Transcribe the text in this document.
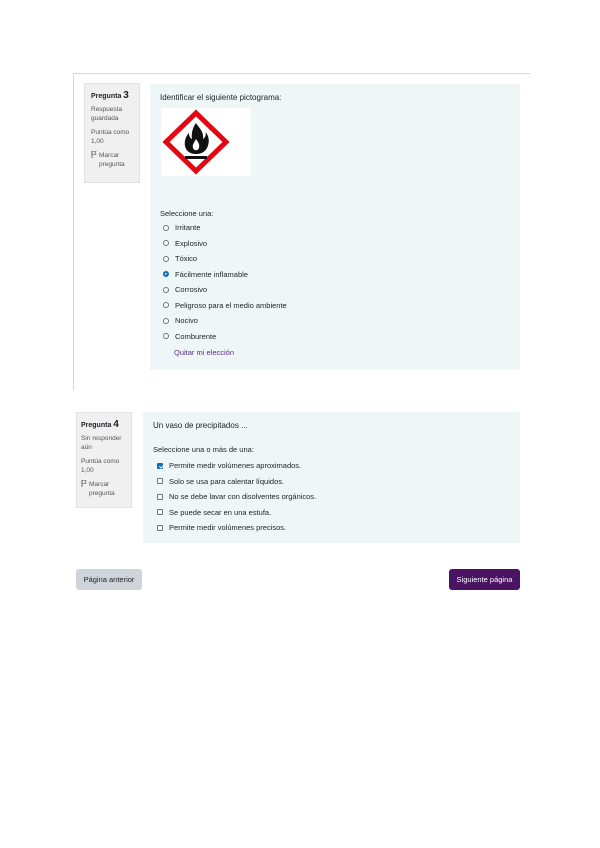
Pregunta 3
Respuesta
guardada
Puntúa como
1,00
Marcar
pregunta
Identificar el siguiente pictograma:
Seleccione una:
Irritante
Explosivo
Tóxico
Fácilmente inflamable
Corrosivo
Peligroso para el medio ambiente
Nocivo
Comburente
Quitar mi elección
Pregunta 4
Sin responder
aún
Puntúa como
1,00
Marcar
pregunta
Un vaso de precipitados ...
Seleccione una o más de una:
Permite medir volúmenes aproximados.
Solo se usa para calentar líquidos.
No se debe lavar con disolventes orgánicos.
Se puede secar en una estufa.
Permite medir volúmenes precisos.
Página anterior	Siguiente página
